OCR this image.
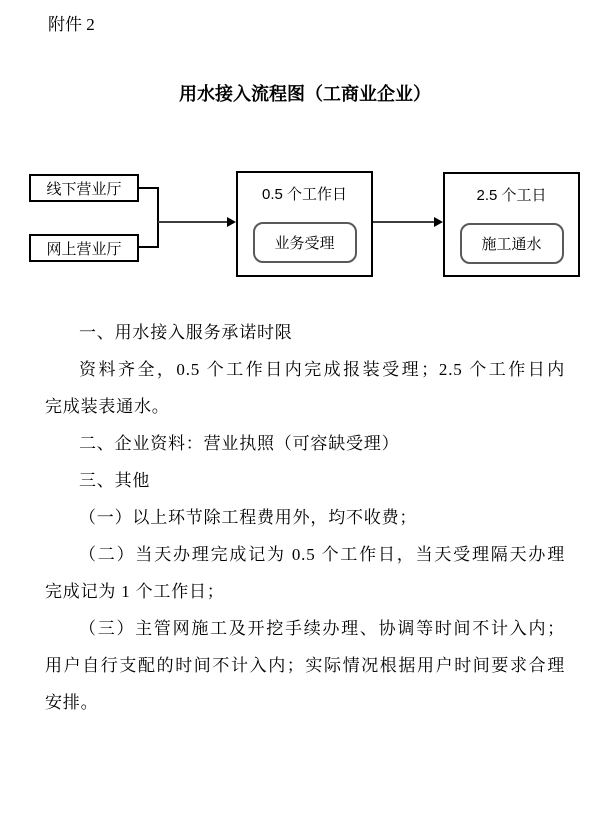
附件 2
用水接入流程图（工商业企业）
线下营业厅
网上营业厅
0.5 个工作日
业务受理
2.5 个工日
施工通水

一、用水接入服务承诺时限

资料齐全，0.5 个工作日内完成报装受理；2.5 个工作日内

完成装表通水。

二、企业资料：营业执照（可容缺受理）

三、其他

（一）以上环节除工程费用外，均不收费；

（二）当天办理完成记为 0.5 个工作日，当天受理隔天办理

完成记为 1 个工作日；

（三）主管网施工及开挖手续办理、协调等时间不计入内；

用户自行支配的时间不计入内；实际情况根据用户时间要求合理

安排。
